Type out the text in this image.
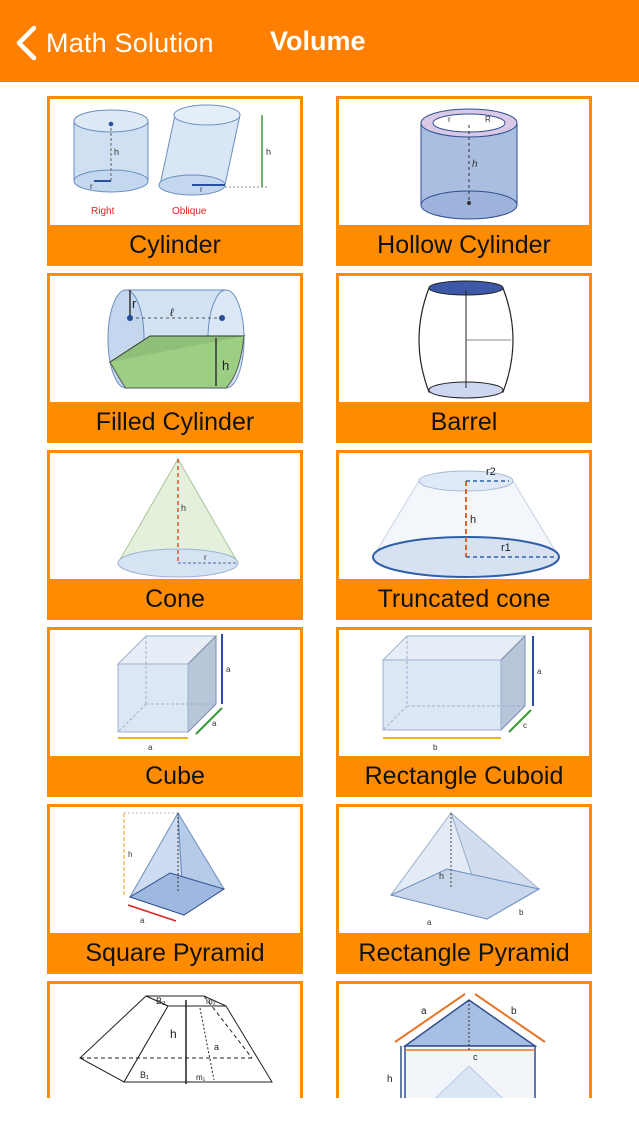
Math Solution Volume
h
r
Right
r
h
Oblique
Cylinder
r	R
h
Hollow Cylinder
r
ℓ
h
Filled Cylinder	Barrel
h
r
Cone
r2
h
r1
Truncated cone
a
a
a
Cube
a
c
b
Rectangle Cuboid
h
a
Square Pyramid
h
a
b
Rectangle Pyramid
B₂	m₂
h
a
B₁	m₁
a	b
h
c
